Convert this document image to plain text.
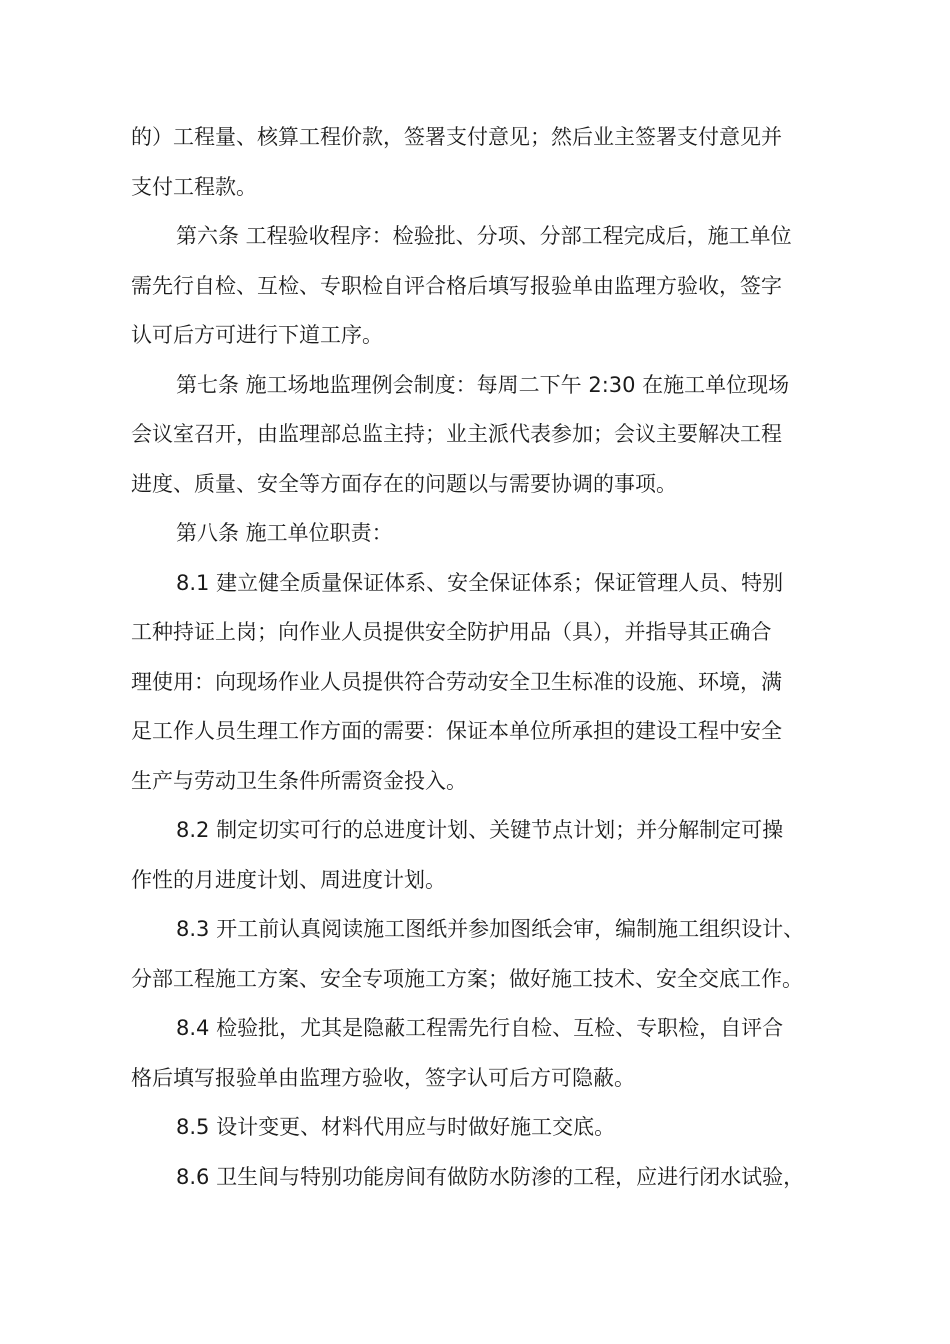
的）工程量、核算工程价款，签署支付意见；然后业主签署支付意见并
支付工程款。
第六条 工程验收程序：检验批、分项、分部工程完成后，施工单位
需先行自检、互检、专职检自评合格后填写报验单由监理方验收，签字
认可后方可进行下道工序。
第七条 施工场地监理例会制度：每周二下午 2:30 在施工单位现场
会议室召开，由监理部总监主持；业主派代表参加；会议主要解决工程
进度、质量、安全等方面存在的问题以与需要协调的事项。
第八条 施工单位职责：
8.1 建立健全质量保证体系、安全保证体系；保证管理人员、特别
工种持证上岗；向作业人员提供安全防护用品（具），并指导其正确合
理使用：向现场作业人员提供符合劳动安全卫生标准的设施、环境，满
足工作人员生理工作方面的需要：保证本单位所承担的建设工程中安全
生产与劳动卫生条件所需资金投入。
8.2 制定切实可行的总进度计划、关键节点计划；并分解制定可操
作性的月进度计划、周进度计划。
8.3 开工前认真阅读施工图纸并参加图纸会审，编制施工组织设计、
分部工程施工方案、安全专项施工方案；做好施工技术、安全交底工作。
8.4 检验批，尤其是隐蔽工程需先行自检、互检、专职检，自评合
格后填写报验单由监理方验收，签字认可后方可隐蔽。
8.5 设计变更、材料代用应与时做好施工交底。
8.6 卫生间与特别功能房间有做防水防渗的工程，应进行闭水试验，
